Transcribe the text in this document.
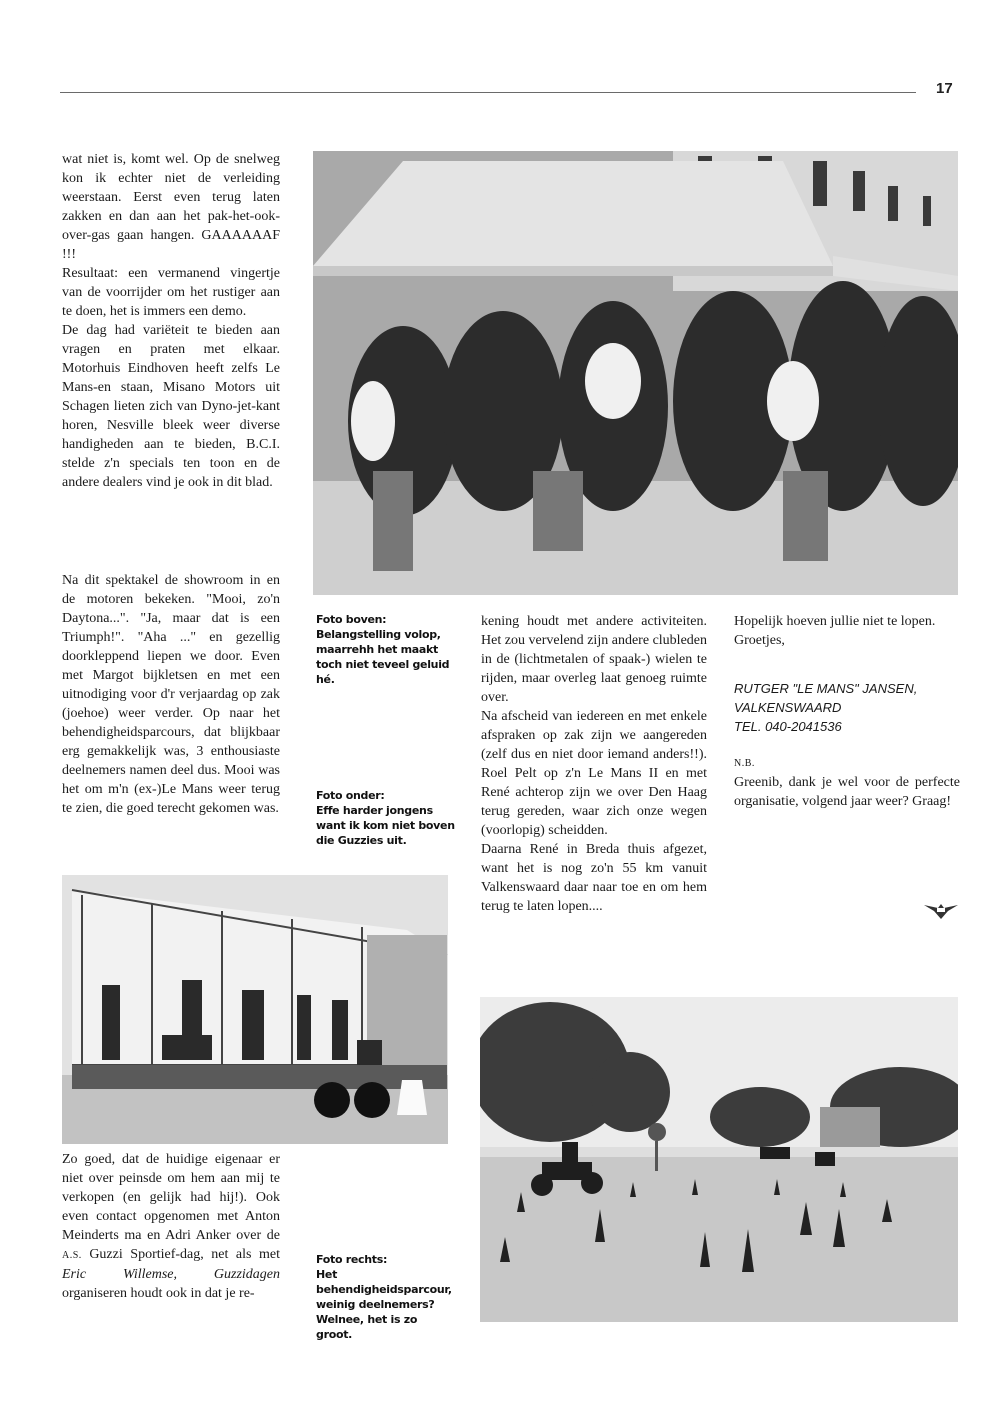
17

wat niet is, komt wel. Op de snelweg kon ik echter niet de verleiding weerstaan. Eerst even terug laten zakken en dan aan het pak-het-ook-over-gas gaan hangen. GAAAAAAF !!!

Resultaat: een vermanend vingertje van de voorrijder om het rustiger aan te doen, het is immers een demo.

De dag had variëteit te bieden aan vragen en praten met elkaar. Motorhuis Eindhoven heeft zelfs Le Mans-en staan, Misano Motors uit Schagen lieten zich van Dyno-jet-kant horen, Nesville bleek weer diverse handigheden aan te bieden, B.C.I. stelde z'n specials ten toon en de andere dealers vind je ook in dit blad.

Na dit spektakel de showroom in en de motoren bekeken. "Mooi, zo'n Daytona...". "Ja, maar dat is een Triumph!". "Aha ..." en gezellig doorkleppend liepen we door. Even met Margot bijkletsen en met een uitnodiging voor d'r verjaardag op zak (joehoe) weer verder. Op naar het behendigheidsparcours, dat blijkbaar erg gemakkelijk was, 3 enthousiaste deelnemers namen deel dus. Mooi was het om m'n (ex-)Le Mans weer terug te zien, die goed terecht gekomen was.

Foto boven:
Belangstelling volop, maarrehh het maakt toch niet teveel geluid hé.
Foto onder:
Effe harder jongens want ik kom niet boven die Guzzies uit.

kening houdt met andere activiteiten. Het zou vervelend zijn andere clubleden in de (lichtmetalen of spaak-) wielen te rijden, maar overleg laat genoeg ruimte over.

Na afscheid van iedereen en met enkele afspraken op zak zijn we aangereden (zelf dus en niet door iemand anders!!). Roel Pelt op z'n Le Mans II en met René achterop zijn we over Den Haag terug gereden, waar zich onze wegen (voorlopig) scheidden.

Daarna René in Breda thuis afgezet, want het is nog zo'n 55 km vanuit Valkenswaard daar naar toe en om hem terug te laten lopen....

Hopelijk hoeven jullie niet te lopen. Groetjes,

RUTGER "LE MANS" JANSEN,
VALKENSWAARD
TEL. 040-2041536
N.B.

Greenib, dank je wel voor de perfecte organisatie, volgend jaar weer? Graag!

Zo goed, dat de huidige eigenaar er niet over peinsde om hem aan mij te verkopen (en gelijk had hij!). Ook even contact opgenomen met Anton Meinderts ma en Adri Anker over de A.S. Guzzi Sportief-dag, net als met Eric Willemse, Guzzidagen organiseren houdt ook in dat je re-

Foto rechts:
Het behendigheidsparcour, weinig deelnemers? Welnee, het is zo groot.
